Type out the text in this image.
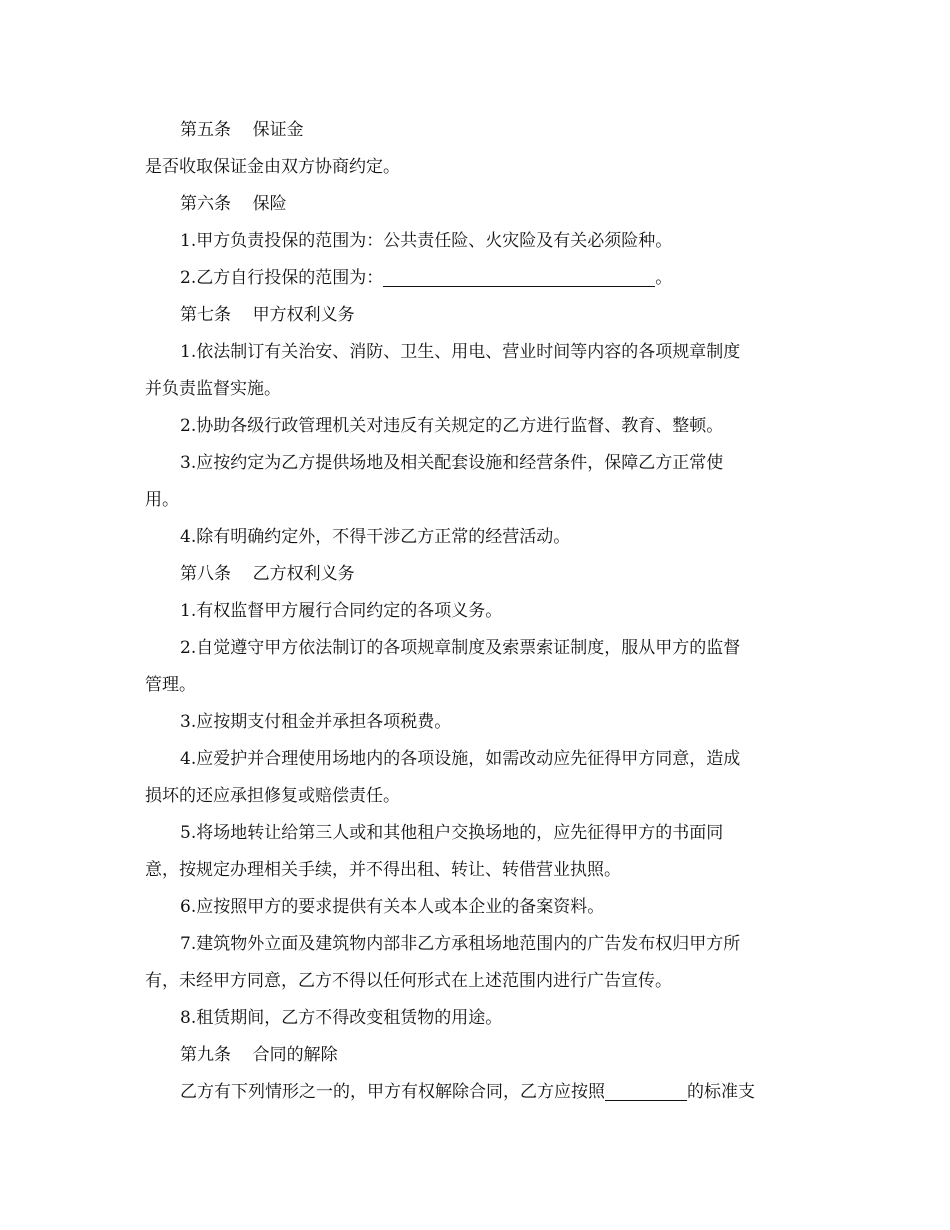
第五条    保证金
是否收取保证金由双方协商约定。
第六条    保险
1.甲方负责投保的范围为：公共责任险、火灾险及有关必须险种。
2.乙方自行投保的范围为：	。
第七条    甲方权利义务
1.依法制订有关治安、消防、卫生、用电、营业时间等内容的各项规章制度
并负责监督实施。
2.协助各级行政管理机关对违反有关规定的乙方进行监督、教育、整顿。
3.应按约定为乙方提供场地及相关配套设施和经营条件，保障乙方正常使
用。
4.除有明确约定外，不得干涉乙方正常的经营活动。
第八条    乙方权利义务
1.有权监督甲方履行合同约定的各项义务。
2.自觉遵守甲方依法制订的各项规章制度及索票索证制度，服从甲方的监督
管理。
3.应按期支付租金并承担各项税费。
4.应爱护并合理使用场地内的各项设施，如需改动应先征得甲方同意，造成
损坏的还应承担修复或赔偿责任。
5.将场地转让给第三人或和其他租户交换场地的，应先征得甲方的书面同
意，按规定办理相关手续，并不得出租、转让、转借营业执照。
6.应按照甲方的要求提供有关本人或本企业的备案资料。
7.建筑物外立面及建筑物内部非乙方承租场地范围内的广告发布权归甲方所
有，未经甲方同意，乙方不得以任何形式在上述范围内进行广告宣传。
8.租赁期间，乙方不得改变租赁物的用途。
第九条    合同的解除
乙方有下列情形之一的，甲方有权解除合同，乙方应按照	的标准支
